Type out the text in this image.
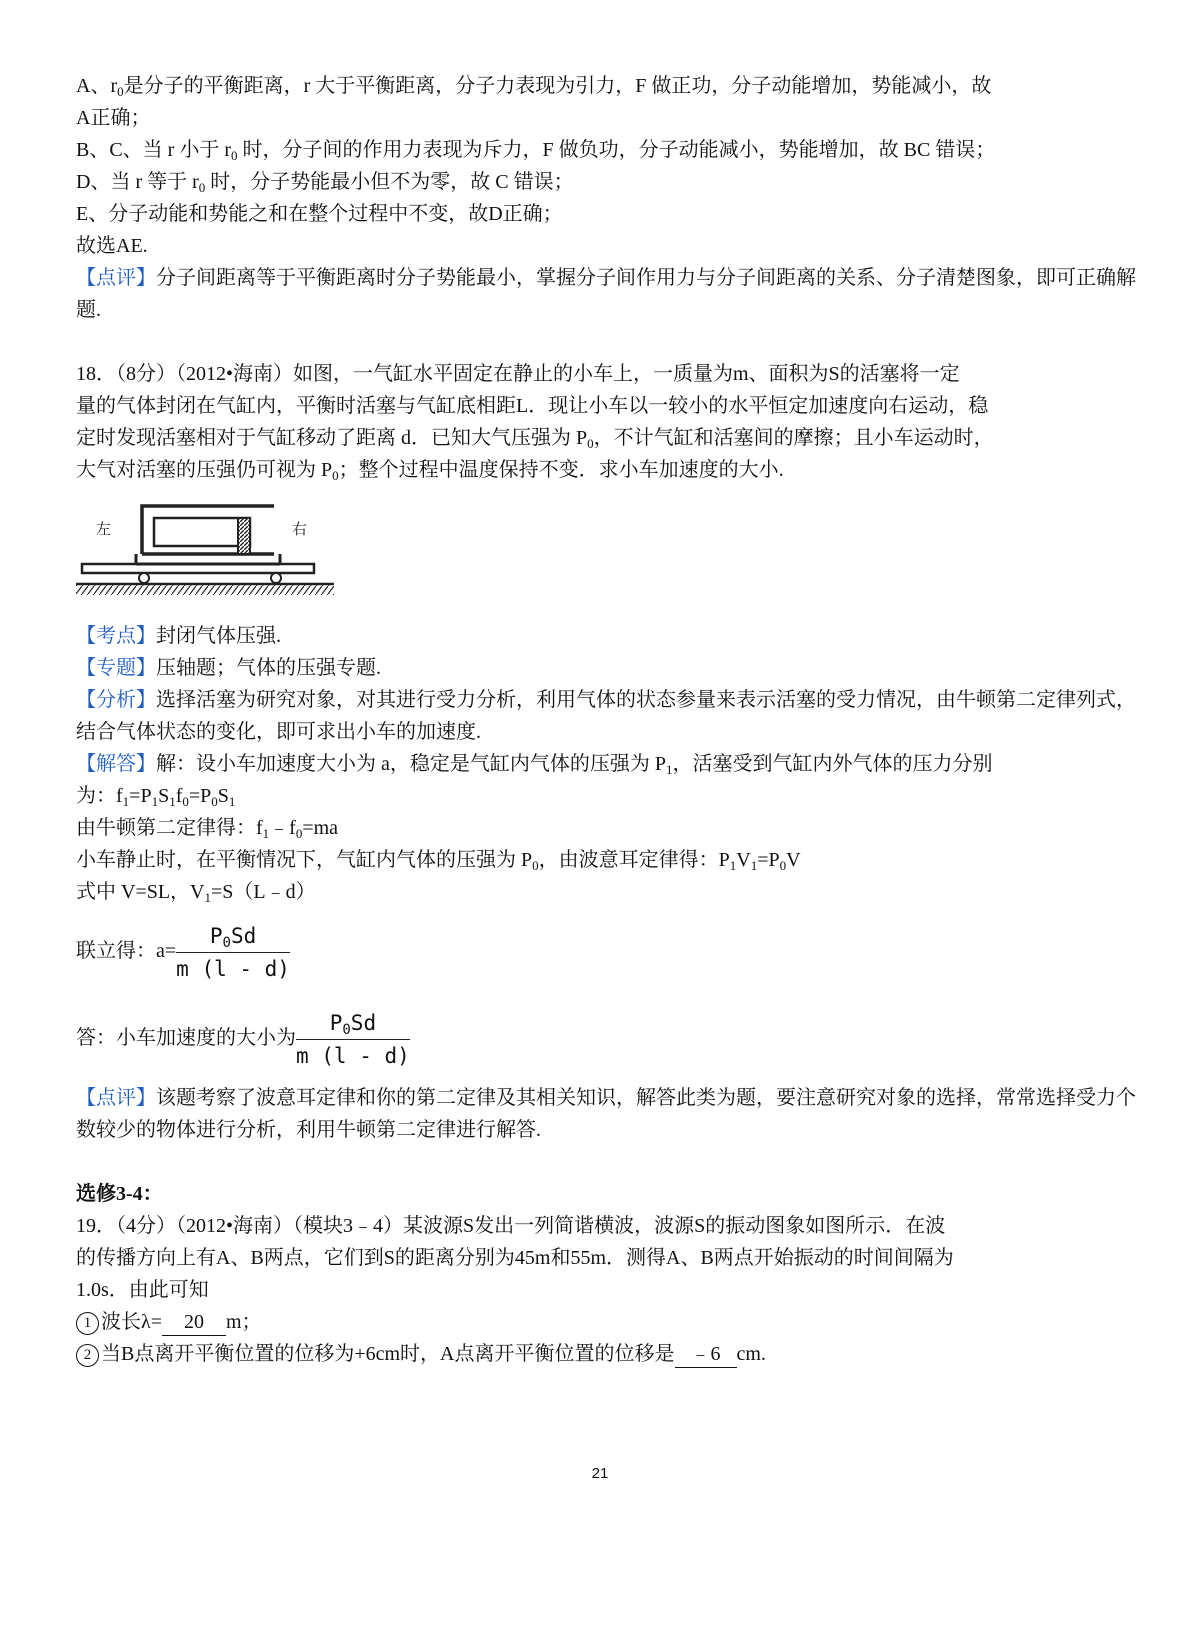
A、$r_0$是分子的平衡距离，r 大于平衡距离，分子力表现为引力，F 做正功，分子动能增加，势能减小，故

A正确；

B、C、当 r 小于 $r_0$ 时，分子间的作用力表现为斥力，F 做负功，分子动能减小，势能增加，故 BC 错误；

D、当 r 等于 $r_0$ 时，分子势能最小但不为零，故 C 错误；

E、分子动能和势能之和在整个过程中不变，故D正确；

故选AE.

【点评】分子间距离等于平衡距离时分子势能最小，掌握分子间作用力与分子间距离的关系、分子清楚图象，即可正确解题.

18．（8分）（2012•海南）如图，一气缸水平固定在静止的小车上，一质量为m、面积为S的活塞将一定

量的气体封闭在气缸内，平衡时活塞与气缸底相距L．现让小车以一较小的水平恒定加速度向右运动，稳

定时发现活塞相对于气缸移动了距离 d．已知大气压强为 $P_0$，不计气缸和活塞间的摩擦；且小车运动时，

大气对活塞的压强仍可视为 $P_0$；整个过程中温度保持不变．求小车加速度的大小.

左	右

【考点】封闭气体压强.

【专题】压轴题；气体的压强专题.

【分析】选择活塞为研究对象，对其进行受力分析，利用气体的状态参量来表示活塞的受力情况，由牛顿第二定律列式，结合气体状态的变化，即可求出小车的加速度.

【解答】解：设小车加速度大小为 a，稳定是气缸内气体的压强为 $P_1$，活塞受到气缸内外气体的压力分别

为：$f_1=P_1S_1f_0=P_0S_1$

由牛顿第二定律得：$f_1﹣f_0=ma$

小车静止时，在平衡情况下，气缸内气体的压强为 $P_0$，由波意耳定律得：$P_1V_1=P_0V$

式中 V=SL，$V_1=S(L﹣d)$

联立得：$a= \frac{P_0Sd}{m (l - d)}$

答：小车加速度的大小为 $\frac{P_0Sd}{m (l - d)}$

【点评】该题考察了波意耳定律和你的第二定律及其相关知识，解答此类为题，要注意研究对象的选择，常常选择受力个数较少的物体进行分析，利用牛顿第二定律进行解答.

选修3-4：

19．（4分）（2012•海南）（模块3﹣4）某波源S发出一列简谐横波，波源S的振动图象如图所示．在波

的传播方向上有A、B两点，它们到S的距离分别为45m和55m．测得A、B两点开始振动的时间间隔为

1.0s．由此可知

1 波长λ= 20 m；

2 当B点离开平衡位置的位移为+6cm时，A点离开平衡位置的位移是 ﹣6 cm.

21
